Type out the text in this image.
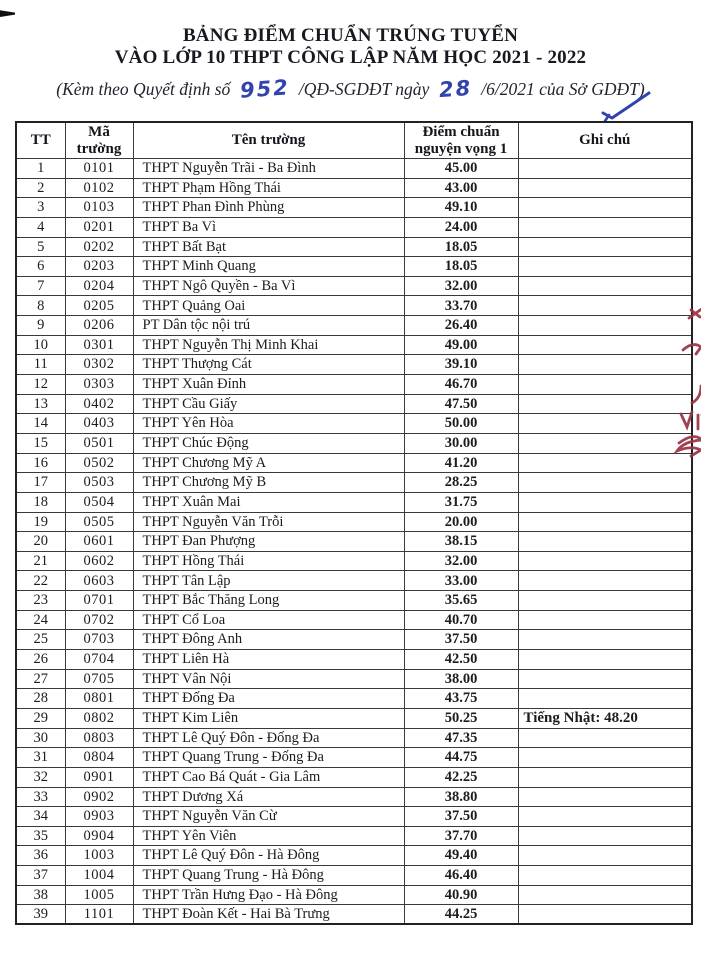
BẢNG ĐIỂM CHUẨN TRÚNG TUYỂN
VÀO LỚP 10 THPT CÔNG LẬP NĂM HỌC 2021 - 2022
(Kèm theo Quyết định số 952 /QĐ-SGDĐT ngày 28 /6/2021 của Sở GDĐT)
TT	Mã trường	Tên trường	Điểm chuẩn nguyện vọng 1	Ghi chú
1	0101	THPT Nguyễn Trãi - Ba Đình	45.00	
2	0102	THPT Phạm Hồng Thái	43.00	
3	0103	THPT Phan Đình Phùng	49.10	
4	0201	THPT Ba Vì	24.00	
5	0202	THPT Bất Bạt	18.05	
6	0203	THPT Minh Quang	18.05	
7	0204	THPT Ngô Quyền - Ba Vì	32.00	
8	0205	THPT Quảng Oai	33.70	
9	0206	PT Dân tộc nội trú	26.40	
10	0301	THPT Nguyễn Thị Minh Khai	49.00	
11	0302	THPT Thượng Cát	39.10	
12	0303	THPT Xuân Đỉnh	46.70	
13	0402	THPT Cầu Giấy	47.50	
14	0403	THPT Yên Hòa	50.00	
15	0501	THPT Chúc Động	30.00	
16	0502	THPT Chương Mỹ A	41.20	
17	0503	THPT Chương Mỹ B	28.25	
18	0504	THPT Xuân Mai	31.75	
19	0505	THPT Nguyễn Văn Trỗi	20.00	
20	0601	THPT Đan Phượng	38.15	
21	0602	THPT Hồng Thái	32.00	
22	0603	THPT Tân Lập	33.00	
23	0701	THPT Bắc Thăng Long	35.65	
24	0702	THPT Cổ Loa	40.70	
25	0703	THPT Đông Anh	37.50	
26	0704	THPT Liên Hà	42.50	
27	0705	THPT Vân Nội	38.00	
28	0801	THPT Đống Đa	43.75	
29	0802	THPT Kim Liên	50.25	Tiếng Nhật: 48.20
30	0803	THPT Lê Quý Đôn - Đống Đa	47.35	
31	0804	THPT Quang Trung - Đống Đa	44.75	
32	0901	THPT Cao Bá Quát - Gia Lâm	42.25	
33	0902	THPT Dương Xá	38.80	
34	0903	THPT Nguyễn Văn Cừ	37.50	
35	0904	THPT Yên Viên	37.70	
36	1003	THPT Lê Quý Đôn - Hà Đông	49.40	
37	1004	THPT Quang Trung - Hà Đông	46.40	
38	1005	THPT Trần Hưng Đạo - Hà Đông	40.90	
39	1101	THPT Đoàn Kết - Hai Bà Trưng	44.25	
